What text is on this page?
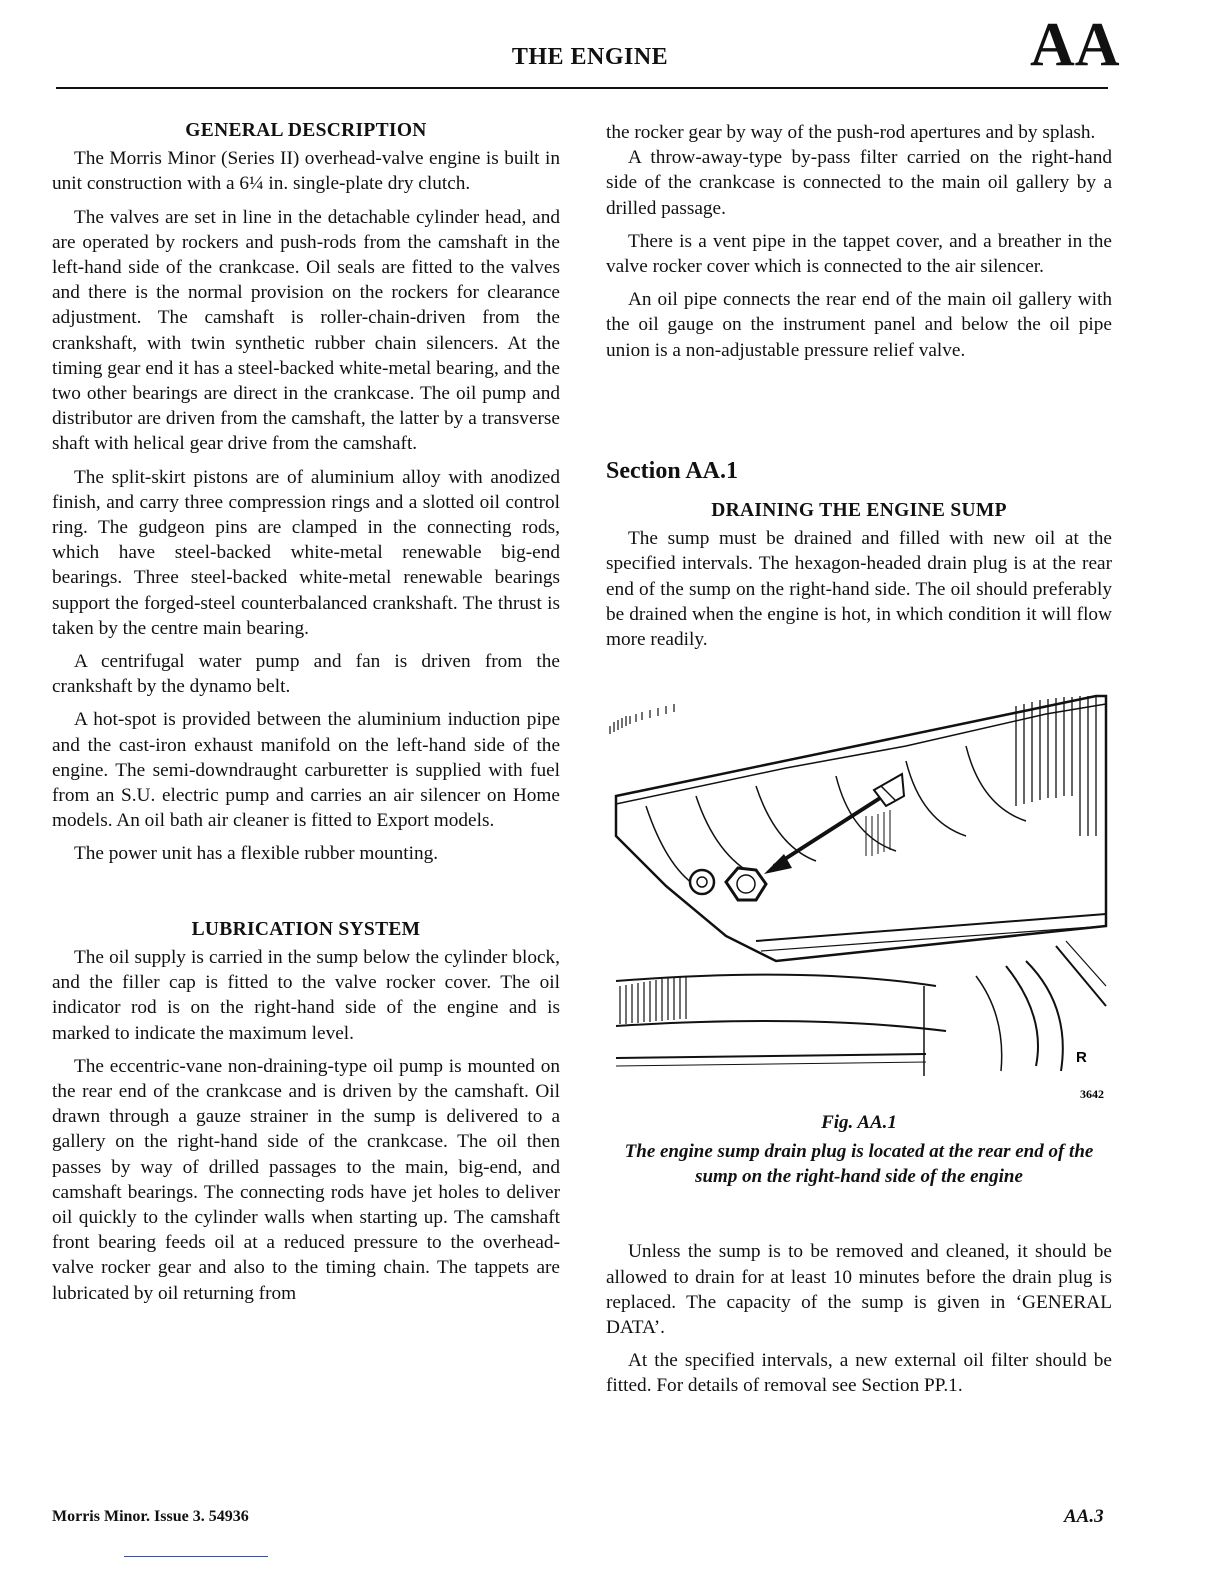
THE ENGINE	AA
GENERAL DESCRIPTION

The Morris Minor (Series II) overhead-valve engine is built in unit construction with a 6¼ in. single-plate dry clutch.

The valves are set in line in the detachable cylinder head, and are operated by rockers and push-rods from the camshaft in the left-hand side of the crankcase. Oil seals are fitted to the valves and there is the normal provision on the rockers for clearance adjustment. The camshaft is roller-chain-driven from the crankshaft, with twin synthetic rubber chain silencers. At the timing gear end it has a steel-backed white-metal bearing, and the two other bearings are direct in the crankcase. The oil pump and distributor are driven from the camshaft, the latter by a transverse shaft with helical gear drive from the camshaft.

The split-skirt pistons are of aluminium alloy with anodized finish, and carry three compression rings and a slotted oil control ring. The gudgeon pins are clamped in the connecting rods, which have steel-backed white-metal renewable big-end bearings. Three steel-backed white-metal renewable bearings support the forged-steel counterbalanced crankshaft. The thrust is taken by the centre main bearing.

A centrifugal water pump and fan is driven from the crankshaft by the dynamo belt.

A hot-spot is provided between the aluminium induction pipe and the cast-iron exhaust manifold on the left-hand side of the engine. The semi-downdraught carburetter is supplied with fuel from an S.U. electric pump and carries an air silencer on Home models. An oil bath air cleaner is fitted to Export models.

The power unit has a flexible rubber mounting.

LUBRICATION SYSTEM

The oil supply is carried in the sump below the cylinder block, and the filler cap is fitted to the valve rocker cover. The oil indicator rod is on the right-hand side of the engine and is marked to indicate the maximum level.

The eccentric-vane non-draining-type oil pump is mounted on the rear end of the crankcase and is driven by the camshaft. Oil drawn through a gauze strainer in the sump is delivered to a gallery on the right-hand side of the crankcase. The oil then passes by way of drilled passages to the main, big-end, and camshaft bearings. The connecting rods have jet holes to deliver oil quickly to the cylinder walls when starting up. The camshaft front bearing feeds oil at a reduced pressure to the overhead-valve rocker gear and also to the timing chain. The tappets are lubricated by oil returning from

the rocker gear by way of the push-rod apertures and by splash.

A throw-away-type by-pass filter carried on the right-hand side of the crankcase is connected to the main oil gallery by a drilled passage.

There is a vent pipe in the tappet cover, and a breather in the valve rocker cover which is connected to the air silencer.

An oil pipe connects the rear end of the main oil gallery with the oil gauge on the instrument panel and below the oil pipe union is a non-adjustable pressure relief valve.

Section AA.1
DRAINING THE ENGINE SUMP

The sump must be drained and filled with new oil at the specified intervals. The hexagon-headed drain plug is at the rear end of the sump on the right-hand side. The oil should preferably be drained when the engine is hot, in which condition it will flow more readily.

R
3642
Fig. AA.1
The engine sump drain plug is located at the rear end of the sump on the right-hand side of the engine

Unless the sump is to be removed and cleaned, it should be allowed to drain for at least 10 minutes before the drain plug is replaced. The capacity of the sump is given in ‘GENERAL DATA’.

At the specified intervals, a new external oil filter should be fitted. For details of removal see Section PP.1.

Morris Minor. Issue 3. 54936	AA.3
